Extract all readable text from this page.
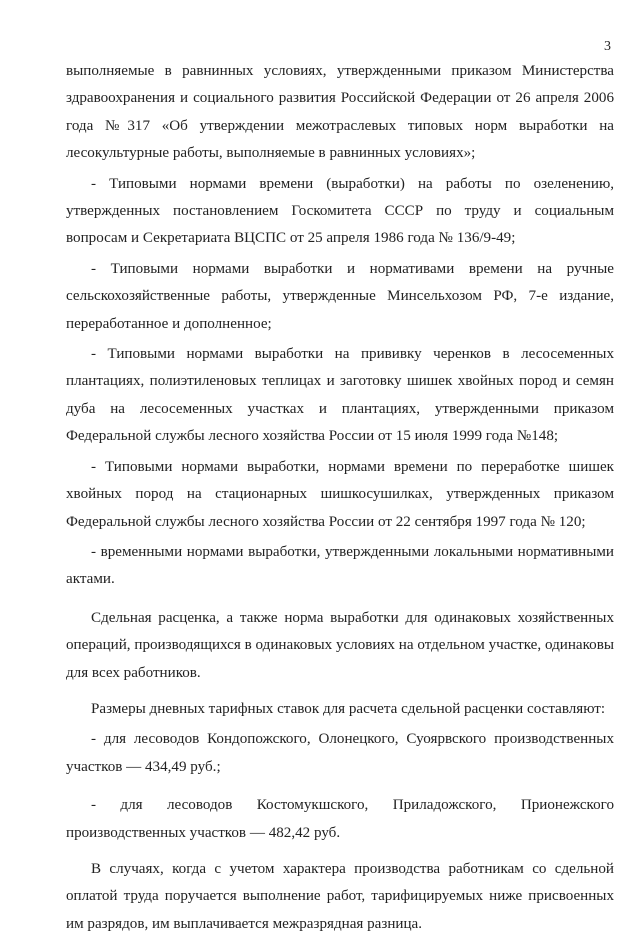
3

выполняемые в равнинных условиях, утвержденными приказом Министерства здравоохранения и социального развития Российской Федерации от 26 апреля 2006 года №317 «Об утверждении межотраслевых типовых норм выработки на лесокультурные работы, выполняемые в равнинных условиях»;

- Типовыми нормами времени (выработки) на работы по озеленению, утвержденных постановлением Госкомитета СССР по труду и социальным вопросам и Секретариата ВЦСПС от 25 апреля 1986 года № 136/9-49;

- Типовыми нормами выработки и нормативами времени на ручные сельскохозяйственные работы, утвержденные Минсельхозом РФ, 7-е издание, переработанное и дополненное;

- Типовыми нормами выработки на прививку черенков в лесосеменных плантациях, полиэтиленовых теплицах и заготовку шишек хвойных пород и семян дуба на лесосеменных участках и плантациях, утвержденными приказом Федеральной службы лесного хозяйства России от 15 июля 1999 года №148;

- Типовыми нормами выработки, нормами времени по переработке шишек хвойных пород на стационарных шишкосушилках, утвержденных приказом Федеральной службы лесного хозяйства России от 22 сентября 1997 года № 120;

- временными нормами выработки, утвержденными локальными нормативными актами.

Сдельная расценка, а также норма выработки для одинаковых хозяйственных операций, производящихся в одинаковых условиях на отдельном участке, одинаковы для всех работников.

Размеры дневных тарифных ставок для расчета сдельной расценки составляют:

- для лесоводов Кондопожского, Олонецкого, Суоярвского производственных участков — 434,49 руб.;

- для лесоводов Костомукшского, Приладожского, Прионежского производственных участков — 482,42 руб.

В случаях, когда с учетом характера производства работникам со сдельной оплатой труда поручается выполнение работ, тарифицируемых ниже присвоенных им разрядов, им выплачивается межразрядная разница.
